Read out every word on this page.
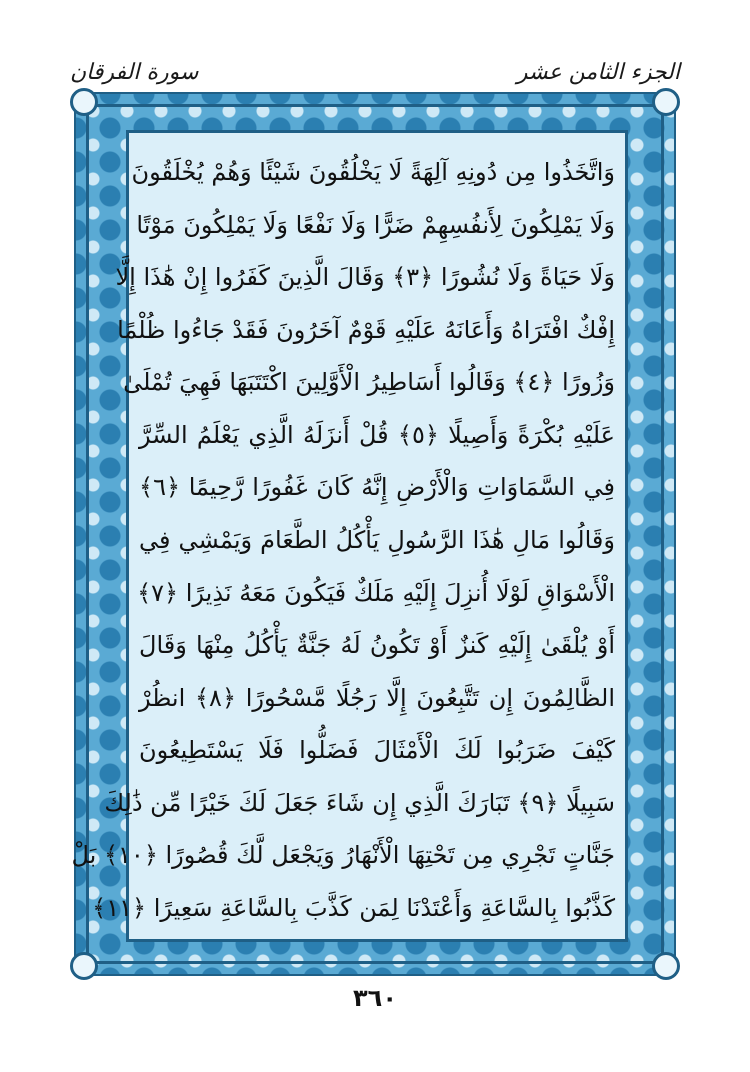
الجزء الثامن عشر
سورة الفرقان
وَاتَّخَذُوا مِن دُونِهِ آلِهَةً لَا يَخْلُقُونَ شَيْئًا وَهُمْ يُخْلَقُونَ
وَلَا يَمْلِكُونَ لِأَنفُسِهِمْ ضَرًّا وَلَا نَفْعًا وَلَا يَمْلِكُونَ مَوْتًا
وَلَا حَيَاةً وَلَا نُشُورًا ﴿٣﴾ وَقَالَ الَّذِينَ كَفَرُوا إِنْ هَٰذَا إِلَّا
إِفْكٌ افْتَرَاهُ وَأَعَانَهُ عَلَيْهِ قَوْمٌ آخَرُونَ فَقَدْ جَاءُوا ظُلْمًا
وَزُورًا ﴿٤﴾ وَقَالُوا أَسَاطِيرُ الْأَوَّلِينَ اكْتَتَبَهَا فَهِيَ تُمْلَىٰ
عَلَيْهِ بُكْرَةً وَأَصِيلًا ﴿٥﴾ قُلْ أَنزَلَهُ الَّذِي يَعْلَمُ السِّرَّ
فِي السَّمَاوَاتِ وَالْأَرْضِ إِنَّهُ كَانَ غَفُورًا رَّحِيمًا ﴿٦﴾
وَقَالُوا مَالِ هَٰذَا الرَّسُولِ يَأْكُلُ الطَّعَامَ وَيَمْشِي فِي
الْأَسْوَاقِ لَوْلَا أُنزِلَ إِلَيْهِ مَلَكٌ فَيَكُونَ مَعَهُ نَذِيرًا ﴿٧﴾
أَوْ يُلْقَىٰ إِلَيْهِ كَنزٌ أَوْ تَكُونُ لَهُ جَنَّةٌ يَأْكُلُ مِنْهَا وَقَالَ
الظَّالِمُونَ إِن تَتَّبِعُونَ إِلَّا رَجُلًا مَّسْحُورًا ﴿٨﴾ انظُرْ
كَيْفَ ضَرَبُوا لَكَ الْأَمْثَالَ فَضَلُّوا فَلَا يَسْتَطِيعُونَ
سَبِيلًا ﴿٩﴾ تَبَارَكَ الَّذِي إِن شَاءَ جَعَلَ لَكَ خَيْرًا مِّن ذَٰلِكَ
جَنَّاتٍ تَجْرِي مِن تَحْتِهَا الْأَنْهَارُ وَيَجْعَل لَّكَ قُصُورًا ﴿١٠﴾ بَلْ
كَذَّبُوا بِالسَّاعَةِ وَأَعْتَدْنَا لِمَن كَذَّبَ بِالسَّاعَةِ سَعِيرًا ﴿١١﴾
٣٦٠
